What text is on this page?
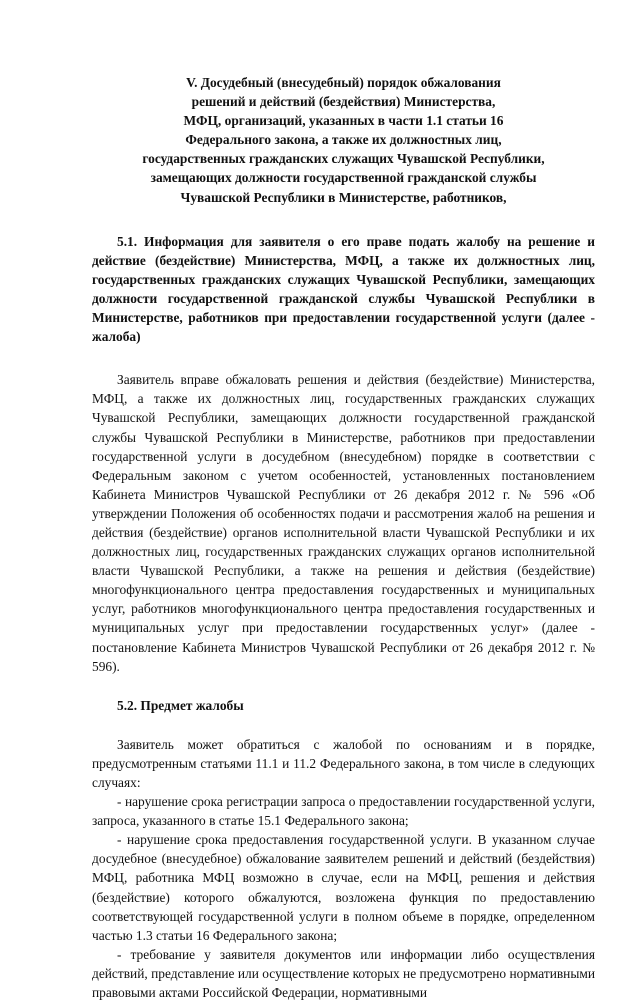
V. Досудебный (внесудебный) порядок обжалования
решений и действий (бездействия) Министерства,
МФЦ, организаций, указанных в части 1.1 статьи 16
Федерального закона, а также их должностных лиц,
государственных гражданских служащих Чувашской Республики,
замещающих должности государственной гражданской службы
Чувашской Республики в Министерстве, работников,

5.1. Информация для заявителя о его праве подать жалобу на решение и действие (бездействие) Министерства, МФЦ, а также их должностных лиц, государственных гражданских служащих Чувашской Республики, замещающих должности государственной гражданской службы Чувашской Республики в Министерстве, работников при предоставлении государственной услуги (далее - жалоба)

Заявитель вправе обжаловать решения и действия (бездействие) Министерства, МФЦ, а также их должностных лиц, государственных гражданских служащих Чувашской Республики, замещающих должности государственной гражданской службы Чувашской Республики в Министерстве, работников при предоставлении государственной услуги в досудебном (внесудебном) порядке в соответствии с Федеральным законом с учетом особенностей, установленных постановлением Кабинета Министров Чувашской Республики от 26 декабря 2012 г. № 596 «Об утверждении Положения об особенностях подачи и рассмотрения жалоб на решения и действия (бездействие) органов исполнительной власти Чувашской Республики и их должностных лиц, государственных гражданских служащих органов исполнительной власти Чувашской Республики, а также на решения и действия (бездействие) многофункционального центра предоставления государственных и муниципальных услуг, работников многофункционального центра предоставления государственных и муниципальных услуг при предоставлении государственных услуг» (далее - постановление Кабинета Министров Чувашской Республики от 26 декабря 2012 г. № 596).

5.2. Предмет жалобы

Заявитель может обратиться с жалобой по основаниям и в порядке, предусмотренным статьями 11.1 и 11.2 Федерального закона, в том числе в следующих случаях:

- нарушение срока регистрации запроса о предоставлении государственной услуги, запроса, указанного в статье 15.1 Федерального закона;

- нарушение срока предоставления государственной услуги. В указанном случае досудебное (внесудебное) обжалование заявителем решений и действий (бездействия) МФЦ, работника МФЦ возможно в случае, если на МФЦ, решения и действия (бездействие) которого обжалуются, возложена функция по предоставлению соответствующей государственной услуги в полном объеме в порядке, определенном частью 1.3 статьи 16 Федерального закона;

- требование у заявителя документов или информации либо осуществления действий, представление или осуществление которых не предусмотрено нормативными правовыми актами Российской Федерации, нормативными
